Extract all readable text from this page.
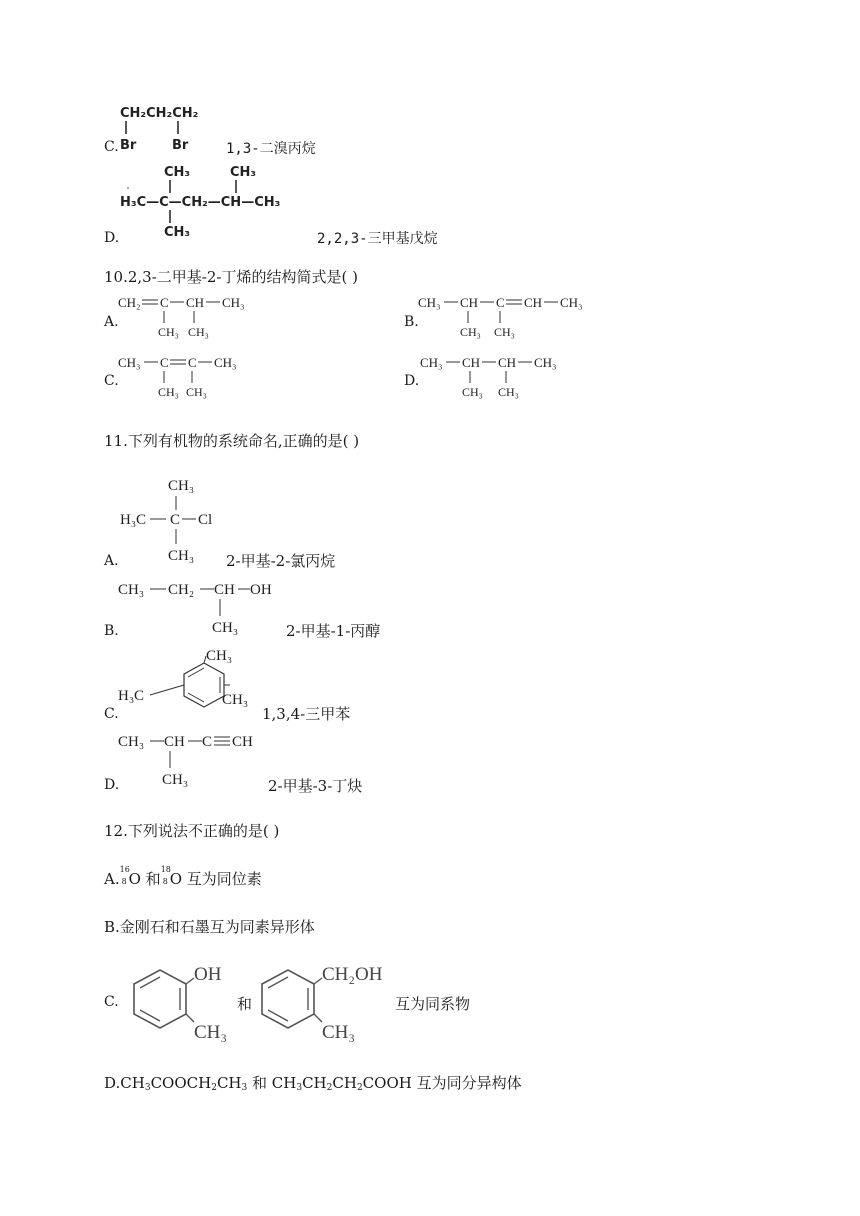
CH₂CH₂CH₂
Br	Br
C.	1,3-二溴丙烷
CH₃	CH₃
H₃C—C—CH₂—CH—CH₃
CH₃
D.	2,2,3-三甲基戊烷
10.2,3-二甲基-2-丁烯的结构简式是( )
A.
CH₂ C CH CH₃
CH₃ CH₃
B.
CH₃ CH C CH CH₃
CH₃ CH₃
C.
CH₃ C C CH₃
CH₃ CH₃
D.
CH₃ CH CH CH₃
CH₃ CH₃
11.下列有机物的系统命名,正确的是( )
CH₃
H₃C C Cl
CH₃
A.	2-甲基-2-氯丙烷
CH₃ CH₂ CH OH
CH₃
B.	2-甲基-1-丙醇
H₃C
CH₃
CH₃
C.	1,3,4-三甲苯
CH₃ CH C CH
CH₃
D.	2-甲基-3-丁炔
12.下列说法不正确的是( )
A.
16
8 O 和
18
8 O 互为同位素
B.金刚石和石墨互为同素异形体
C.
OH
CH₃
和
CH₂OH
CH₃
互为同系物
$D.CH_3COOCH_2CH_3$ 和 $CH_3CH_2CH_2COOH$ 互为同分异构体
